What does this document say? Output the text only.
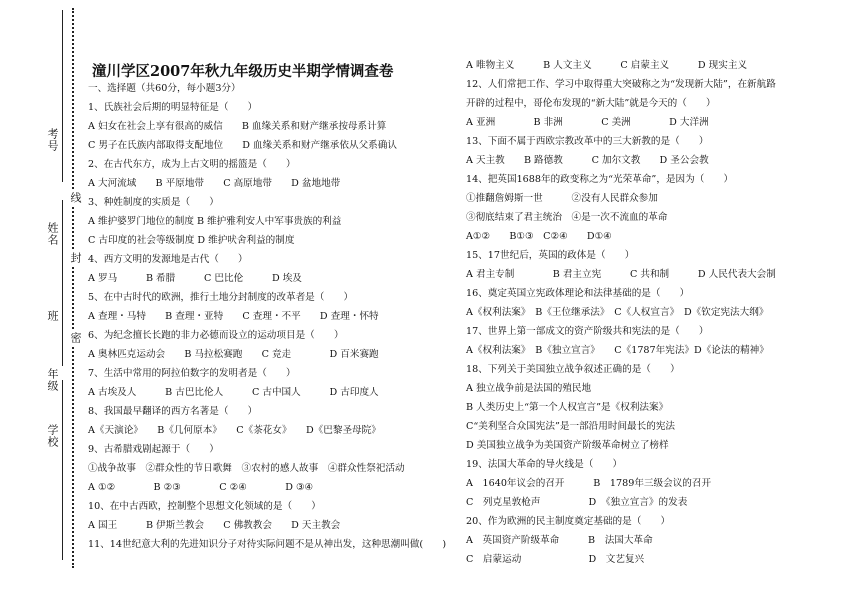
考号
姓名
班
年级
学校
线
封
密
潼川学区2007年秋九年级历史半期学情调查卷
一、选择题（共60分，每小题3分）
1、氏族社会后期的明显特征是（　　）
A 妇女在社会上享有很高的威信　　B 血缘关系和财产继承按母系计算
C 男子在氏族内部取得支配地位　　D 血缘关系和财产继承依从父系确认
2、在古代东方，成为上古文明的摇篮是（　　）
A 大河流域　　B 平原地带　　C 高原地带　　D 盆地地带
3、种姓制度的实质是（　　）
A 维护婆罗门地位的制度 B 维护雅利安人中军事贵族的利益
C 古印度的社会等级制度 D 维护吠舍利益的制度
4、西方文明的发源地是古代（　　）
A 罗马　　　B 希腊　　　C 巴比伦　　　D 埃及
5、在中古时代的欧洲，推行土地分封制度的改革者是（　　）
A 查理・马特　　B 查理・亚特　　C 查理・不平　　D 查理・怀特
6、为纪念擅长长跑的非力必德而设立的运动项目是（　　）
A 奥林匹克运动会　　B 马拉松赛跑　　C 竞走　　　　D 百米赛跑
7、生活中常用的阿拉伯数字的发明者是（　　）
A 古埃及人　　　B 古巴比伦人　　　C 古中国人　　　D 古印度人
8、我国最早翻译的西方名著是（　　）
A《天演论》　　B《几何原本》　　C《茶花女》　　D《巴黎圣母院》
9、古希腊戏剧起源于（　　）
①战争故事　②群众性的节日歌舞　③农村的感人故事　④群众性祭祀活动
A ①②　　　　B ②③　　　　C ②④　　　　D ③④
10、在中古西欧，控制整个思想文化领域的是（　　）
A 国王　　　B 伊斯兰教会　　C 佛教教会　　D 天主教会
11、14世纪意大利的先进知识分子对待实际问题不是从神出发，这种思潮叫做(　　)
A 唯物主义　　　B 人文主义　　　C 启蒙主义　　　D 现实主义
12、人们常把工作、学习中取得重大突破称之为“发现新大陆”，在新航路
开辟的过程中，哥伦布发现的“新大陆”就是今天的（　　）
A 亚洲　　　　B 非洲　　　　C 美洲　　　　D 大洋洲
13、下面不属于西欧宗教改革中的三大新教的是（　　）
A 天主教　　B 路德教　　　C 加尔文教　　D 圣公会教
14、把英国1688年的政变称之为“光荣革命”，是因为（　　）
①推翻詹姆斯一世　　　②没有人民群众参加
③彻底结束了君主统治　④是一次不流血的革命
A①②　　B①③　C②④　　D①④
15、17世纪后，英国的政体是（　　）
A 君主专制　　　　B 君主立宪　　　C 共和制　　　D 人民代表大会制
16、奠定英国立宪政体理论和法律基础的是（　　）
A《权利法案》　B《王位继承法》　C《人权宣言》　D《钦定宪法大纲》
17、世界上第一部成文的资产阶级共和宪法的是（　　）
A《权利法案》　B《独立宣言》　　C《1787年宪法》D《论法的精神》
18、下列关于美国独立战争叙述正确的是（　　）
A 独立战争前是法国的殖民地
B 人类历史上“第一个人权宣言”是《权利法案》
C“美利坚合众国宪法”是一部沿用时间最长的宪法
D 美国独立战争为美国资产阶级革命树立了榜样
19、法国大革命的导火线是（　　）
A　1640年议会的召开　　　B　1789年三级会议的召开
C　列克星敦枪声　　　　　D　《独立宣言》的发表
20、作为欧洲的民主制度奠定基础的是（　　）
A　英国资产阶级革命　　　B　法国大革命
C　启蒙运动　　　　　　　D　文艺复兴
